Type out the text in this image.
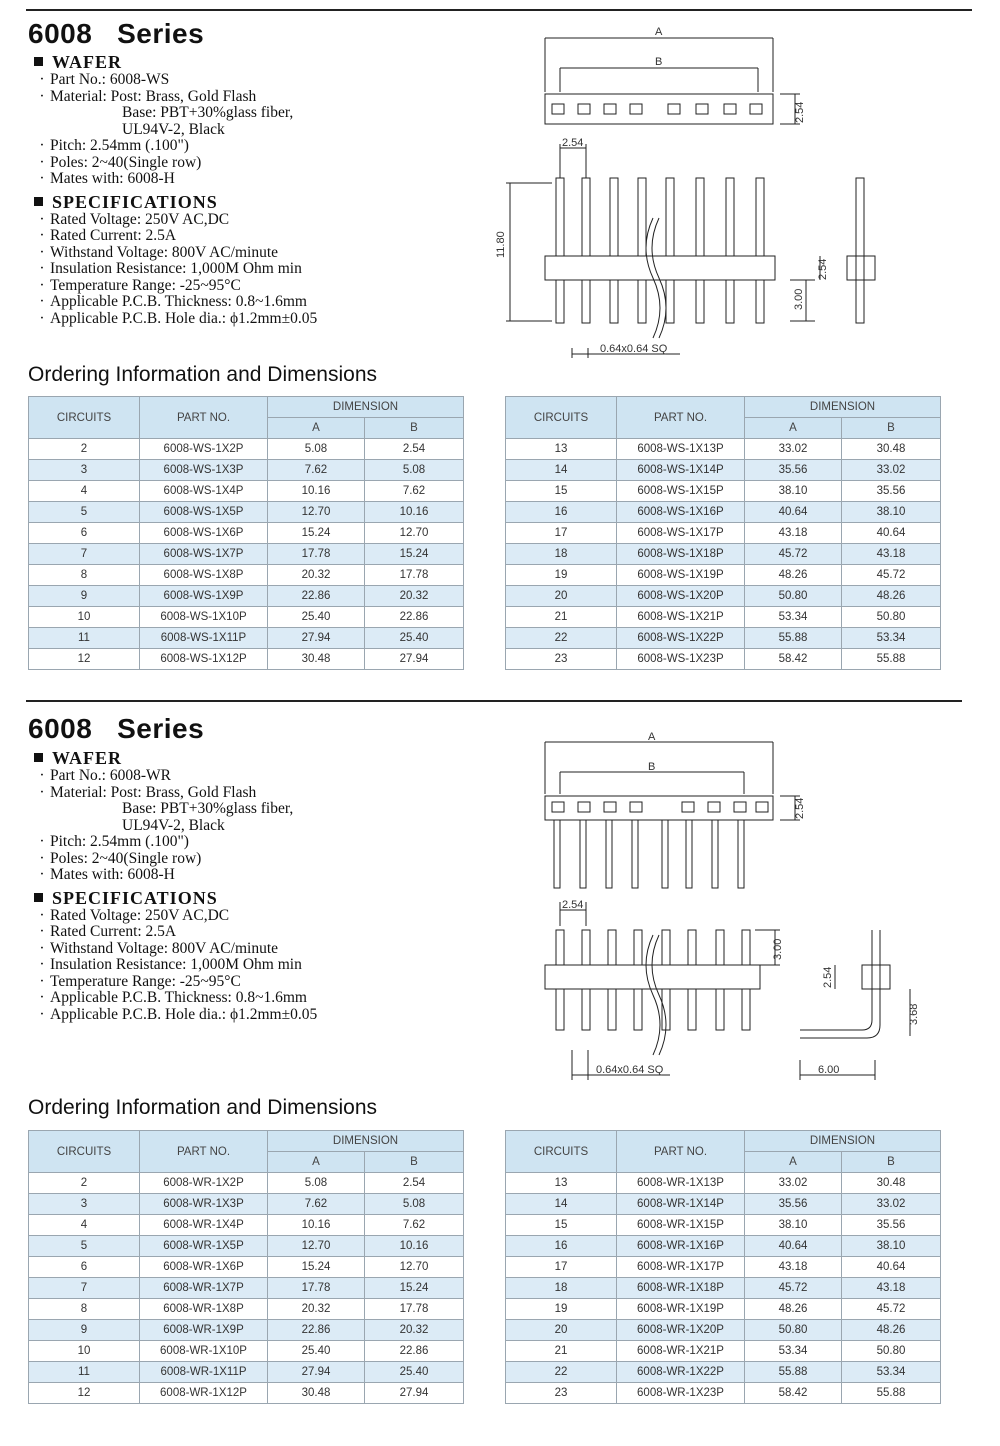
6008   Series
WAFER
· Part No.: 6008-WS
· Material: Post: Brass, Gold Flash
Base: PBT+30%glass fiber,
UL94V-2, Black
· Pitch: 2.54mm (.100")
· Poles: 2~40(Single row)
· Mates with: 6008-H
SPECIFICATIONS
· Rated Voltage: 250V AC,DC
· Rated Current: 2.5A
· Withstand Voltage: 800V AC/minute
· Insulation Resistance: 1,000M Ohm min
· Temperature Range: -25~95°C
· Applicable P.C.B. Thickness: 0.8~1.6mm
· Applicable P.C.B. Hole dia.: ϕ1.2mm±0.05
A
B
2.54
0.64x0.64 SQ
11.80
3.00
2.54
2.54
Ordering Information and Dimensions
CIRCUITS	PART NO.	DIMENSION	
		A	B
2	6008-WS-1X2P	5.08	2.54
3	6008-WS-1X3P	7.62	5.08
4	6008-WS-1X4P	10.16	7.62
5	6008-WS-1X5P	12.70	10.16
6	6008-WS-1X6P	15.24	12.70
7	6008-WS-1X7P	17.78	15.24
8	6008-WS-1X8P	20.32	17.78
9	6008-WS-1X9P	22.86	20.32
10	6008-WS-1X10P	25.40	22.86
11	6008-WS-1X11P	27.94	25.40
12	6008-WS-1X12P	30.48	27.94
CIRCUITS	PART NO.	DIMENSION	
		A	B
13	6008-WS-1X13P	33.02	30.48
14	6008-WS-1X14P	35.56	33.02
15	6008-WS-1X15P	38.10	35.56
16	6008-WS-1X16P	40.64	38.10
17	6008-WS-1X17P	43.18	40.64
18	6008-WS-1X18P	45.72	43.18
19	6008-WS-1X19P	48.26	45.72
20	6008-WS-1X20P	50.80	48.26
21	6008-WS-1X21P	53.34	50.80
22	6008-WS-1X22P	55.88	53.34
23	6008-WS-1X23P	58.42	55.88
6008   Series
WAFER
· Part No.: 6008-WR
· Material: Post: Brass, Gold Flash
Base: PBT+30%glass fiber,
UL94V-2, Black
· Pitch: 2.54mm (.100")
· Poles: 2~40(Single row)
· Mates with: 6008-H
SPECIFICATIONS
· Rated Voltage: 250V AC,DC
· Rated Current: 2.5A
· Withstand Voltage: 800V AC/minute
· Insulation Resistance: 1,000M Ohm min
· Temperature Range: -25~95°C
· Applicable P.C.B. Thickness: 0.8~1.6mm
· Applicable P.C.B. Hole dia.: ϕ1.2mm±0.05
A
B
2.54
0.64x0.64 SQ
3.00
2.54
2.54
3.68
6.00
Ordering Information and Dimensions
CIRCUITS	PART NO.	DIMENSION	
		A	B
2	6008-WR-1X2P	5.08	2.54
3	6008-WR-1X3P	7.62	5.08
4	6008-WR-1X4P	10.16	7.62
5	6008-WR-1X5P	12.70	10.16
6	6008-WR-1X6P	15.24	12.70
7	6008-WR-1X7P	17.78	15.24
8	6008-WR-1X8P	20.32	17.78
9	6008-WR-1X9P	22.86	20.32
10	6008-WR-1X10P	25.40	22.86
11	6008-WR-1X11P	27.94	25.40
12	6008-WR-1X12P	30.48	27.94
CIRCUITS	PART NO.	DIMENSION	
		A	B
13	6008-WR-1X13P	33.02	30.48
14	6008-WR-1X14P	35.56	33.02
15	6008-WR-1X15P	38.10	35.56
16	6008-WR-1X16P	40.64	38.10
17	6008-WR-1X17P	43.18	40.64
18	6008-WR-1X18P	45.72	43.18
19	6008-WR-1X19P	48.26	45.72
20	6008-WR-1X20P	50.80	48.26
21	6008-WR-1X21P	53.34	50.80
22	6008-WR-1X22P	55.88	53.34
23	6008-WR-1X23P	58.42	55.88
